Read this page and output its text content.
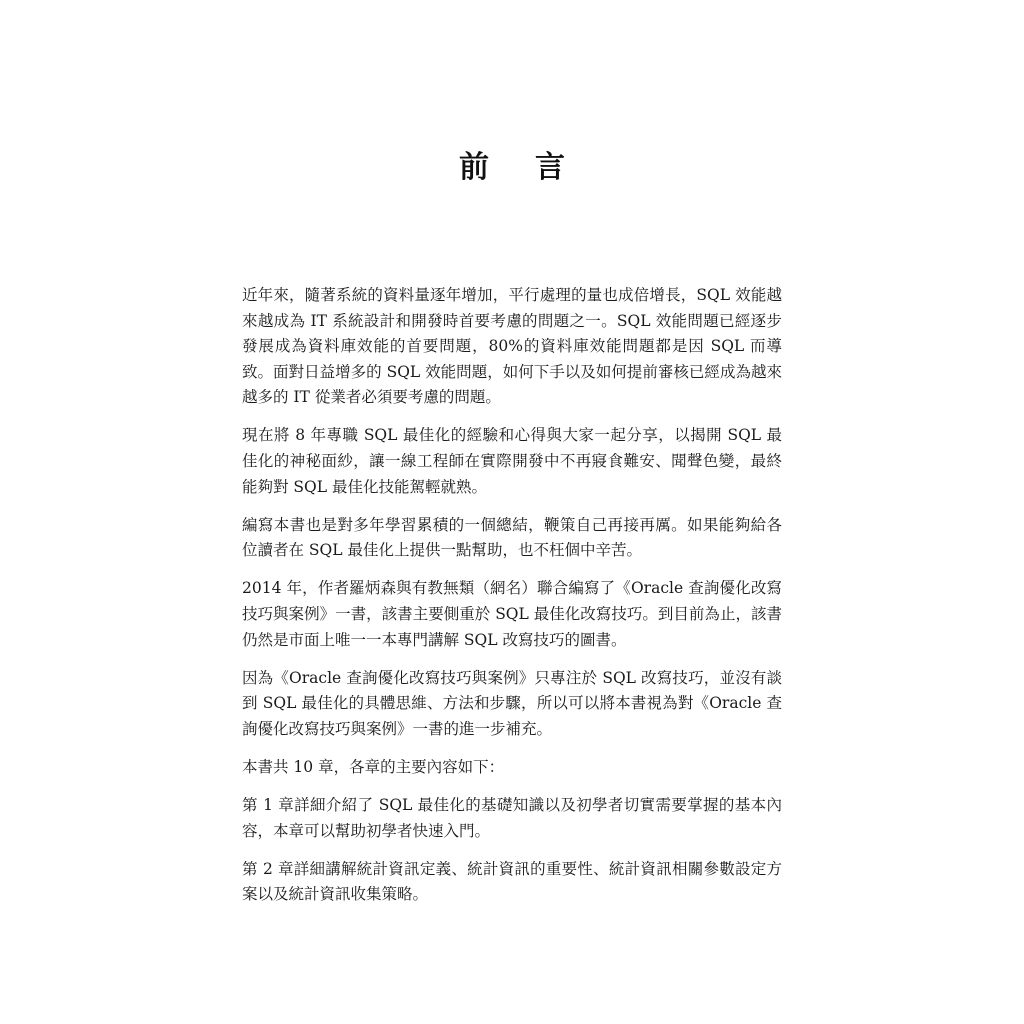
前言

近年來，隨著系統的資料量逐年增加，平行處理的量也成倍增長，SQL 效能越來越成為 IT 系統設計和開發時首要考慮的問題之一。SQL 效能問題已經逐步發展成為資料庫效能的首要問題，80%的資料庫效能問題都是因 SQL 而導致。面對日益增多的 SQL 效能問題，如何下手以及如何提前審核已經成為越來越多的 IT 從業者必須要考慮的問題。

現在將 8 年專職 SQL 最佳化的經驗和心得與大家一起分享，以揭開 SQL 最佳化的神秘面紗，讓一線工程師在實際開發中不再寢食難安、聞聲色變，最終能夠對 SQL 最佳化技能駕輕就熟。

編寫本書也是對多年學習累積的一個總結，鞭策自己再接再厲。如果能夠給各位讀者在 SQL 最佳化上提供一點幫助，也不枉個中辛苦。

2014 年，作者羅炳森與有教無類（網名）聯合編寫了《Oracle 查詢優化改寫技巧與案例》一書，該書主要側重於 SQL 最佳化改寫技巧。到目前為止，該書仍然是市面上唯一一本專門講解 SQL 改寫技巧的圖書。

因為《Oracle 查詢優化改寫技巧與案例》只專注於 SQL 改寫技巧，並沒有談到 SQL 最佳化的具體思維、方法和步驟，所以可以將本書視為對《Oracle 查詢優化改寫技巧與案例》一書的進一步補充。

本書共 10 章，各章的主要內容如下：

第 1 章詳細介紹了 SQL 最佳化的基礎知識以及初學者切實需要掌握的基本內容，本章可以幫助初學者快速入門。

第 2 章詳細講解統計資訊定義、統計資訊的重要性、統計資訊相關參數設定方案以及統計資訊收集策略。
